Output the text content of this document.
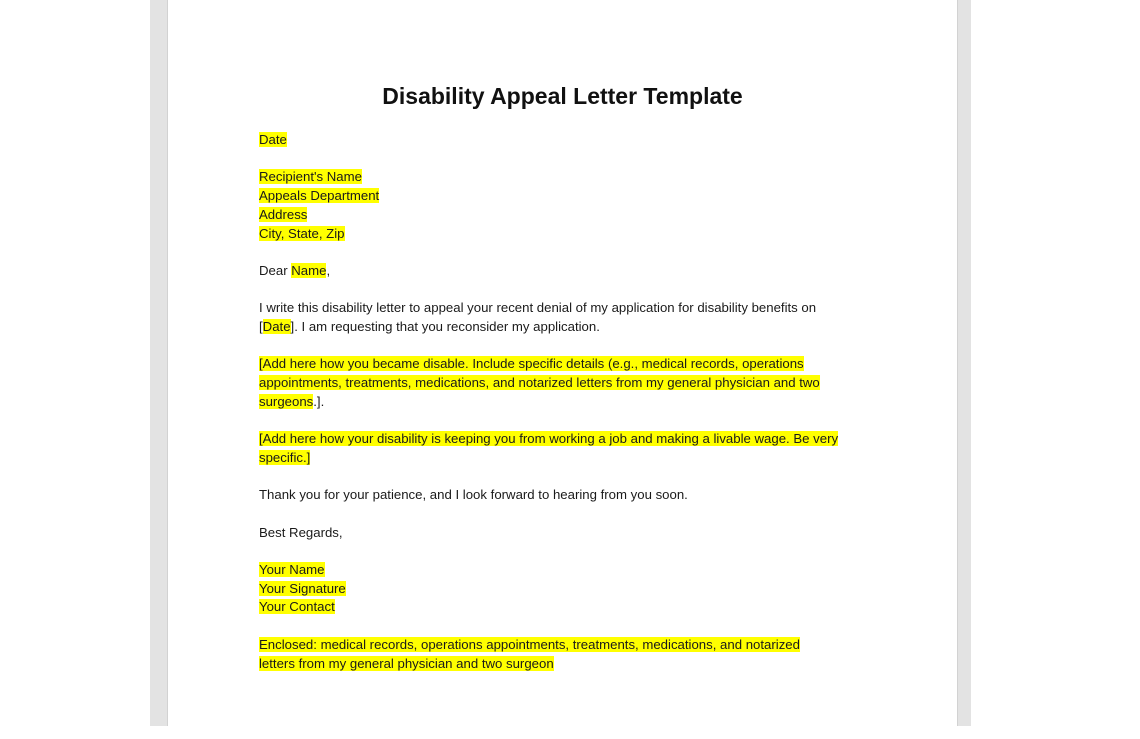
Disability Appeal Letter Template

Date

Recipient's Name
Appeals Department
Address
City, State, Zip

Dear Name,

I write this disability letter to appeal your recent denial of my application for disability benefits on
[Date]. I am requesting that you reconsider my application.

[Add here how you became disable. Include specific details (e.g., medical records, operations
appointments, treatments, medications, and notarized letters from my general physician and two
surgeons.].

[Add here how your disability is keeping you from working a job and making a livable wage. Be very
specific.]

Thank you for your patience, and I look forward to hearing from you soon.

Best Regards,

Your Name
Your Signature
Your Contact

Enclosed: medical records, operations appointments, treatments, medications, and notarized
letters from my general physician and two surgeon
